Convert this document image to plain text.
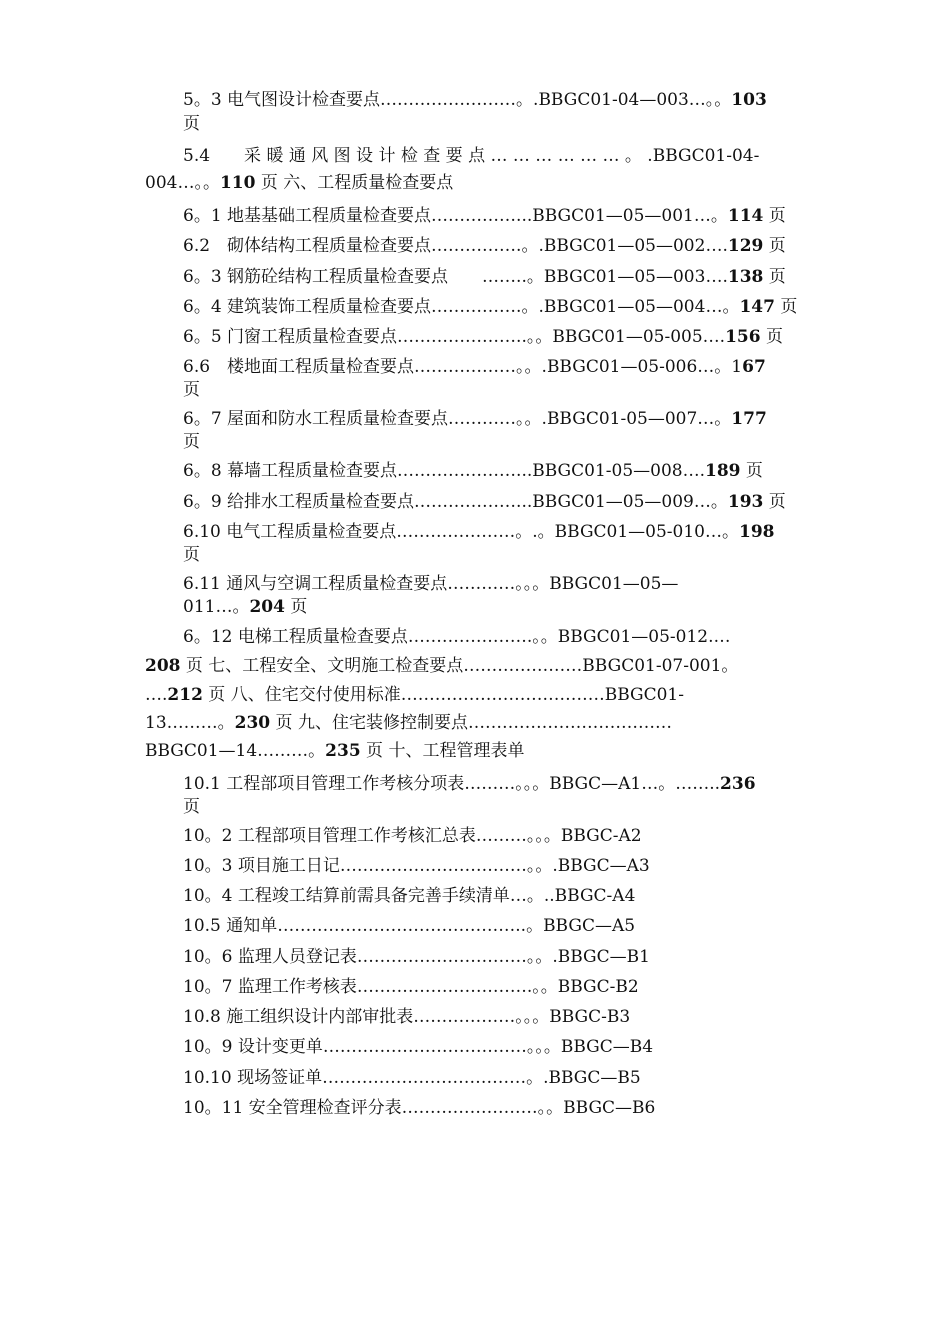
5。3 电气图设计检查要点……………………。.BBGC01-04—003…。。103
页
5.4　　采 暖 通 风 图 设 计 检 查 要 点 … … … … … … 。 .BBGC01-04-
004…。。110 页 六、工程质量检查要点
6。1 地基基础工程质量检查要点……………...BBGC01—05—001…。114 页
6.2　砌体结构工程质量检查要点…………….。.BBGC01—05—002….129 页
6。3 钢筋砼结构工程质量检查要点　　……..。BBGC01—05—003….138 页
6。4 建筑装饰工程质量检查要点…………….。.BBGC01—05—004…。147 页
6。5 门窗工程质量检查要点…………………..。。BBGC01—05-005….156 页
6.6　楼地面工程质量检查要点………………。。.BBGC01—05-006…。167
页
6。7 屋面和防水工程质量检查要点…………。。.BBGC01-05—007…。177
页
6。8 幕墙工程质量检查要点…………………...BBGC01-05—008….189 页
6。9 给排水工程质量检查要点………………...BBGC01—05—009…。193 页
6.10 电气工程质量检查要点…………………。.。BBGC01—05-010…。198
页
6.11 通风与空调工程质量检查要点…………。。。BBGC01—05—
011…。204 页
6。12 电梯工程质量检查要点………………….。。BBGC01—05-012.…
208 页 七、工程安全、文明施工检查要点…………………BBGC01-07-001。
….212 页 八、住宅交付使用标准………………………………BBGC01-
13………。230 页 九、住宅装修控制要点………………………………
BBGC01—14………。235 页 十、工程管理表单
10.1 工程部项目管理工作考核分项表………。。。BBGC—A1…。……..236
页
10。2 工程部项目管理工作考核汇总表………。。。BBGC-A2
10。3 项目施工日记……………………………。。.BBGC—A3
10。4 工程竣工结算前需具备完善手续清单…。..BBGC-A4
10.5 通知单……………………………………..。BBGC—A5
10。6 监理人员登记表…………………………。。.BBGC—B1
10。7 监理工作考核表………………………….。。BBGC-B2
10.8 施工组织设计内部审批表………………。。。BBGC-B3
10。9 设计变更单………………………………。。。BBGC—B4
10.10 现场签证单………………………………。.BBGC—B5
10。11 安全管理检查评分表……………………。。BBGC—B6
